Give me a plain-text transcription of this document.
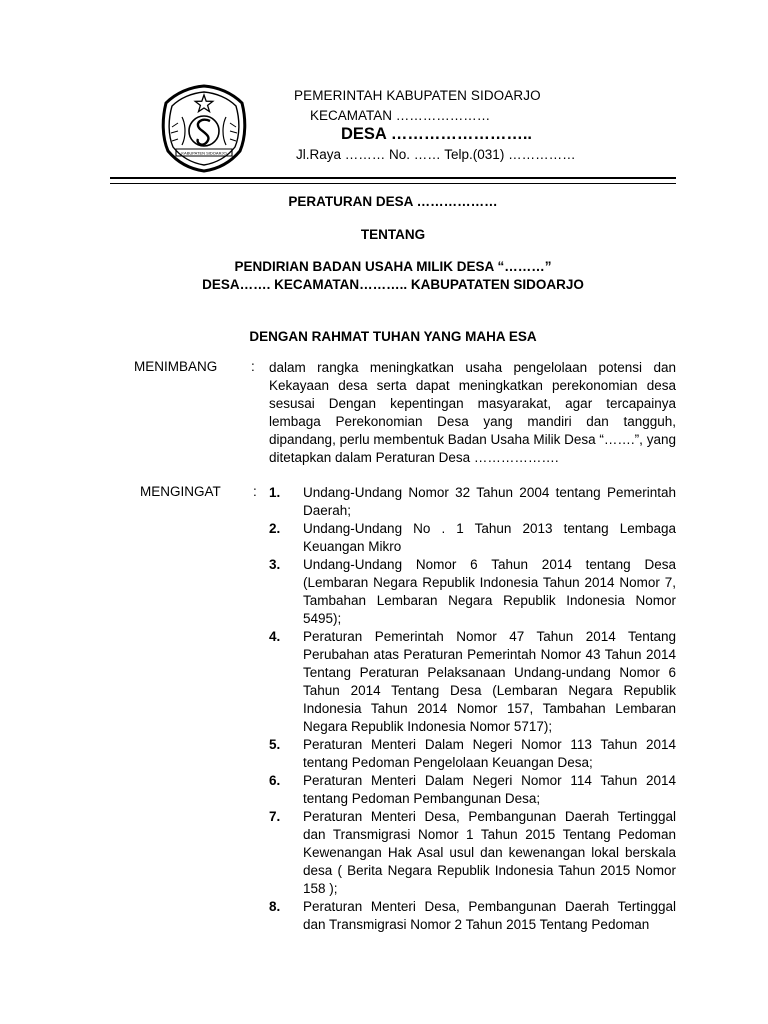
KABUPATEN SIDOARJO
PEMERINTAH KABUPATEN SIDOARJO
KECAMATAN …………………
DESA ……………………..
Jl.Raya ……… No. …… Telp.(031) ……………
PERATURAN DESA ………………
TENTANG
PENDIRIAN BADAN USAHA MILIK DESA “………”
DESA……. KECAMATAN……….. KABUPATATEN SIDOARJO
DENGAN RAHMAT TUHAN YANG MAHA ESA
MENIMBANG : dalam rangka meningkatkan usaha pengelolaan potensi dan Kekayaan desa serta dapat meningkatkan perekonomian desa sesusai Dengan kepentingan masyarakat, agar tercapainya lembaga Perekonomian Desa yang mandiri dan tangguh, dipandang, perlu membentuk Badan Usaha Milik Desa “…….”, yang ditetapkan dalam Peraturan Desa ……………….
MENGINGAT : 1.	Undang-Undang Nomor 32 Tahun 2004 tentang Pemerintah Daerah;
2.	Undang-Undang No . 1 Tahun 2013 tentang Lembaga Keuangan Mikro
3.	Undang-Undang Nomor 6 Tahun 2014 tentang Desa (Lembaran Negara Republik Indonesia Tahun 2014 Nomor 7, Tambahan Lembaran Negara Republik Indonesia Nomor 5495);
4.	Peraturan Pemerintah Nomor 47 Tahun 2014 Tentang Perubahan atas Peraturan Pemerintah Nomor 43 Tahun 2014 Tentang Peraturan Pelaksanaan Undang-undang Nomor 6 Tahun 2014 Tentang Desa (Lembaran Negara Republik Indonesia Tahun 2014 Nomor 157, Tambahan Lembaran Negara Republik Indonesia Nomor 5717);
5.	Peraturan Menteri Dalam Negeri Nomor 113 Tahun 2014 tentang Pedoman Pengelolaan Keuangan Desa;
6.	Peraturan Menteri Dalam Negeri Nomor 114 Tahun 2014 tentang Pedoman Pembangunan Desa;
7.	Peraturan Menteri Desa, Pembangunan Daerah Tertinggal dan Transmigrasi Nomor 1 Tahun 2015 Tentang Pedoman Kewenangan Hak Asal usul dan kewenangan lokal berskala desa ( Berita Negara Republik Indonesia Tahun 2015 Nomor 158 );
8.	Peraturan Menteri Desa, Pembangunan Daerah Tertinggal dan Transmigrasi Nomor 2 Tahun 2015 Tentang Pedoman
